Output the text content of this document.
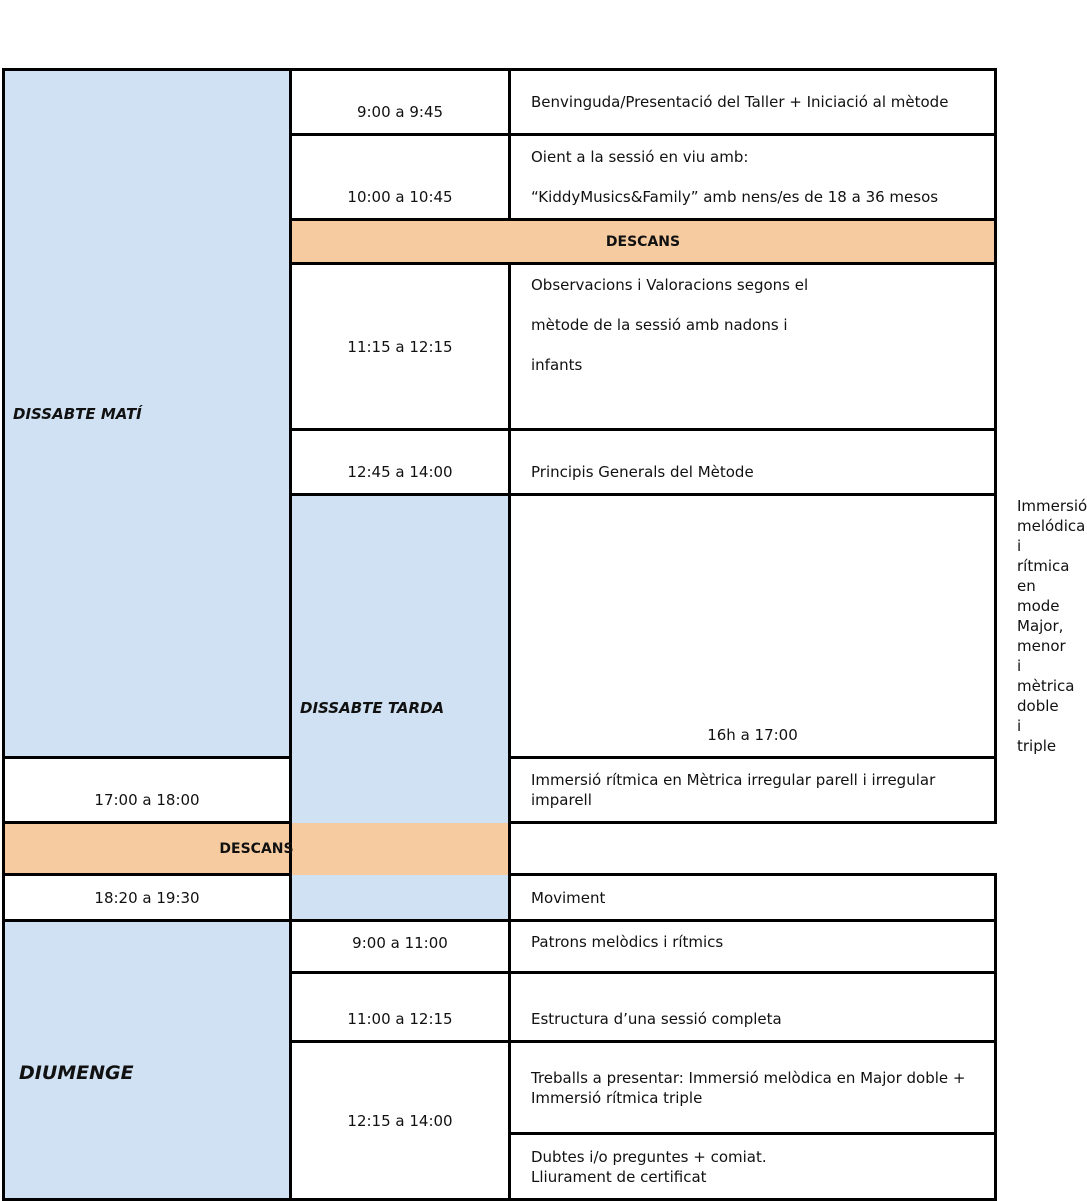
DISSABTE MATÍ	9:00 a 9:45	Benvinguda/Presentació del Taller + Iniciació al mètode	

	10:00 a 10:45	Oient a la sessió en viu amb:

“KiddyMusics&Family” amb nens/es de 18 a 36 mesos	

	DESCANS		

	11:15 a 12:15	Observacions i Valoracions segons el

mètode de la sessió amb nadons i

infants	

	12:45 a 14:00	Principis Generals del Mètode	

	DISSABTE TARDA	16h a 17:00	Immersió melódica i rítmica en mode Major, menor i mètrica doble i triple

17:00 a 18:00		Immersió rítmica en Mètrica irregular parell i irregular imparell	

DESCANS			

18:20 a 19:30		Moviment	

DIUMENGE	9:00 a 11:00	Patrons melòdics i rítmics	

	11:00 a 12:15	Estructura d’una sessió completa	

	12:15 a 14:00	Treballs a presentar: Immersió melòdica en Major doble + Immersió rítmica triple	

		Dubtes i/o preguntes + comiat.

Lliurament de certificat	
